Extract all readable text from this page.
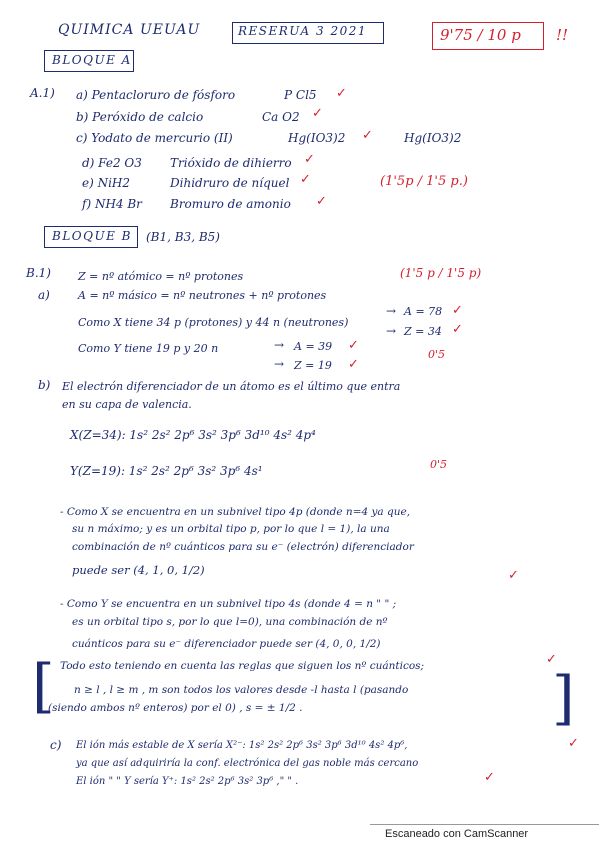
QUIMICA UEUAU	RESERUA 3 2021	9'75 / 10 p !!
BLOQUE A
A.1) a) Pentacloruro de fósforo	P Cl5 ✓
b) Peróxido de calcio	Ca O2 ✓
c) Yodato de mercurio (II)	Hg(IO3)2	Hg(IO3)2
✓
d) Fe2 O3 Trióxido de dihierro ✓
e) NiH2	Dihidruro de níquel ✓
f) NH4 Br Bromuro de amonio ✓
(1'5p / 1'5 p.)
BLOQUE B (B1, B3, B5)
B.1) Z = nº atómico = nº protones	(1'5 p / 1'5 p)
a)	A = nº másico = nº neutrones + nº protones
Como X tiene 34 p (protones) y 44 n (neutrones)
→ A = 78 ✓
→ Z = 34 ✓
Como Y tiene 19 p y 20 n	→ A = 39 ✓
→ Z = 19 ✓
0'5
b) El electrón diferenciador de un átomo es el último que entra
en su capa de valencia.
X(Z=34): 1s² 2s² 2p⁶ 3s² 3p⁶ 3d¹⁰ 4s² 4p⁴
Y(Z=19): 1s² 2s² 2p⁶ 3s² 3p⁶ 4s¹	0'5
- Como X se encuentra en un subnivel tipo 4p (donde n=4 ya que,
su n máximo; y es un orbital tipo p, por lo que l = 1), la una
combinación de nº cuánticos para su e⁻ (electrón) diferenciador
puede ser (4, 1, 0, 1/2)	✓
- Como Y se encuentra en un subnivel tipo 4s (donde 4 = n " " ;
es un orbital tipo s, por lo que l=0), una combinación de nº
cuánticos para su e⁻ diferenciador puede ser (4, 0, 0, 1/2)
✓
[	]
Todo esto teniendo en cuenta las reglas que siguen los nº cuánticos;
n ≥ l , l ≥ m , m son todos los valores desde -l hasta l (pasando
(siendo ambos nº enteros) por el 0) , s = ± 1/2 .
c) El ión más estable de X sería X²⁻: 1s² 2s² 2p⁶ 3s² 3p⁶ 3d¹⁰ 4s² 4p⁶,
ya que así adquiriría la conf. electrónica del gas noble más cercano
El ión " " Y sería Y⁺: 1s² 2s² 2p⁶ 3s² 3p⁶ ," " .
✓
✓
Escaneado con CamScanner
